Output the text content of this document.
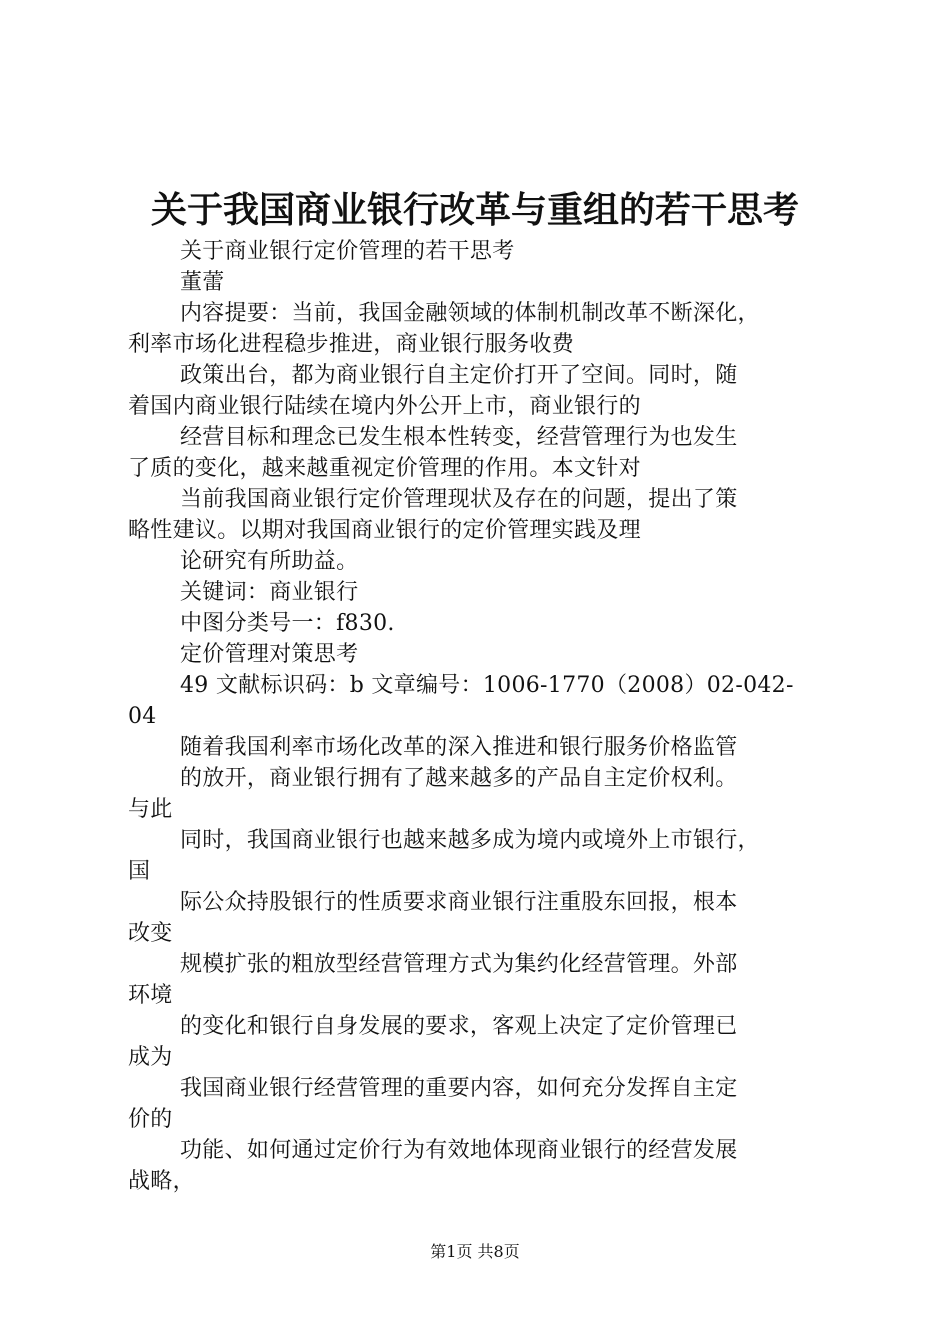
关于我国商业银行改革与重组的若干思考
关于商业银行定价管理的若干思考
董蕾
内容提要：当前，我国金融领域的体制机制改革不断深化，
利率市场化进程稳步推进，商业银行服务收费
政策出台，都为商业银行自主定价打开了空间。同时，随
着国内商业银行陆续在境内外公开上市，商业银行的
经营目标和理念已发生根本性转变，经营管理行为也发生
了质的变化，越来越重视定价管理的作用。本文针对
当前我国商业银行定价管理现状及存在的问题，提出了策
略性建议。以期对我国商业银行的定价管理实践及理
论研究有所助益。
关键词：商业银行
中图分类号一：f830.
定价管理对策思考
49 文献标识码：b 文章编号：1006-1770（2008）02-042-
04
随着我国利率市场化改革的深入推进和银行服务价格监管
的放开，商业银行拥有了越来越多的产品自主定价权利。
与此
同时，我国商业银行也越来越多成为境内或境外上市银行，
国
际公众持股银行的性质要求商业银行注重股东回报，根本
改变
规模扩张的粗放型经营管理方式为集约化经营管理。外部
环境
的变化和银行自身发展的要求，客观上决定了定价管理已
成为
我国商业银行经营管理的重要内容，如何充分发挥自主定
价的
功能、如何通过定价行为有效地体现商业银行的经营发展
战略，
第1页 共8页
